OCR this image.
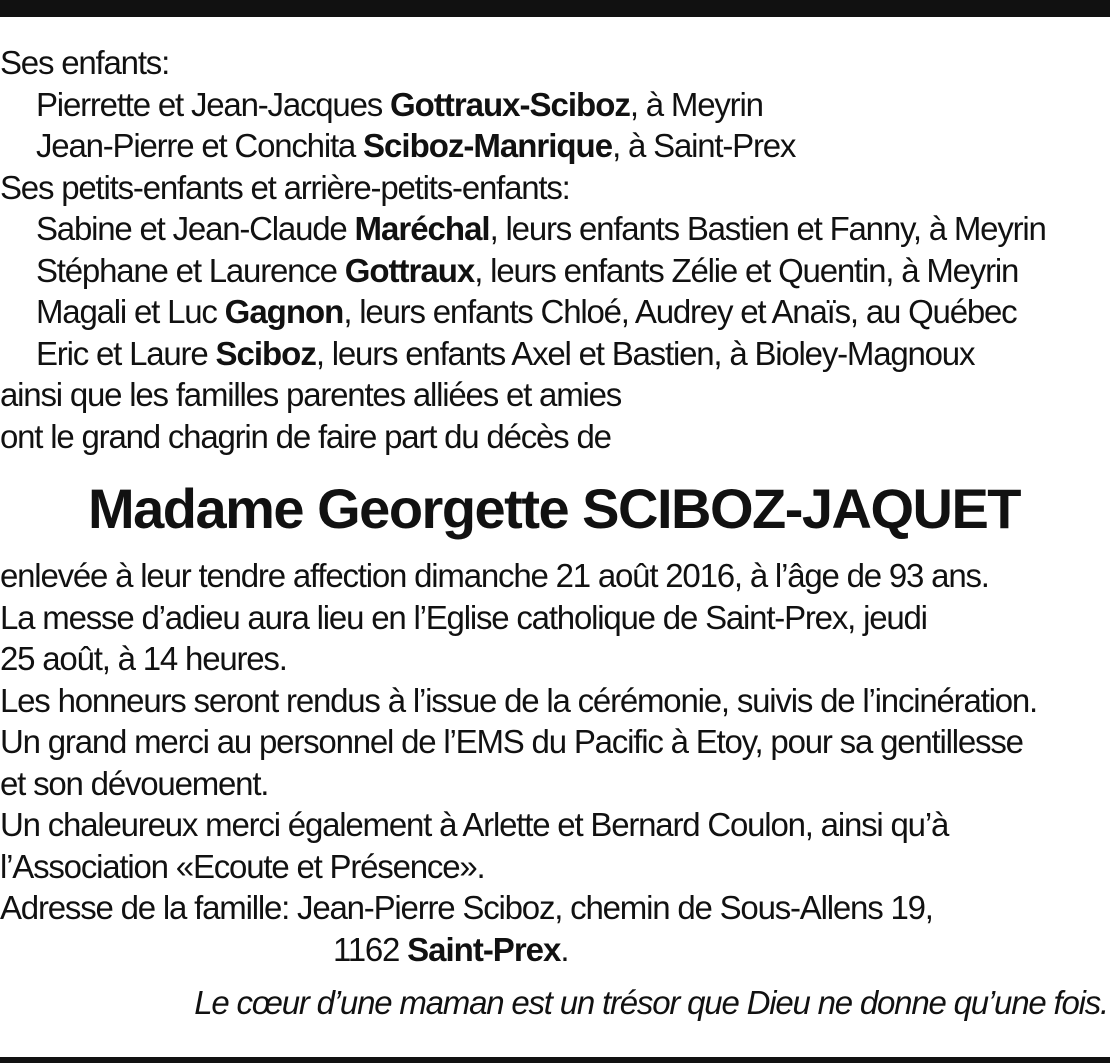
Ses enfants:
Pierrette et Jean-Jacques Gottraux-Sciboz, à Meyrin
Jean-Pierre et Conchita Sciboz-Manrique, à Saint-Prex
Ses petits-enfants et arrière-petits-enfants:
Sabine et Jean-Claude Maréchal, leurs enfants Bastien et Fanny, à Meyrin
Stéphane et Laurence Gottraux, leurs enfants Zélie et Quentin, à Meyrin
Magali et Luc Gagnon, leurs enfants Chloé, Audrey et Anaïs, au Québec
Eric et Laure Sciboz, leurs enfants Axel et Bastien, à Bioley-Magnoux
ainsi que les familles parentes alliées et amies
ont le grand chagrin de faire part du décès de
Madame Georgette SCIBOZ-JAQUET
enlevée à leur tendre affection dimanche 21 août 2016, à l’âge de 93 ans.
La messe d’adieu aura lieu en l’Eglise catholique de Saint-Prex, jeudi
25 août, à 14 heures.
Les honneurs seront rendus à l’issue de la cérémonie, suivis de l’incinération.
Un grand merci au personnel de l’EMS du Pacific à Etoy, pour sa gentillesse
et son dévouement.
Un chaleureux merci également à Arlette et Bernard Coulon, ainsi qu’à
l’Association «Ecoute et Présence».
Adresse de la famille: Jean-Pierre Sciboz, chemin de Sous-Allens 19,
1162 Saint-Prex.
Le cœur d’une maman est un trésor que Dieu ne donne qu’une fois.
